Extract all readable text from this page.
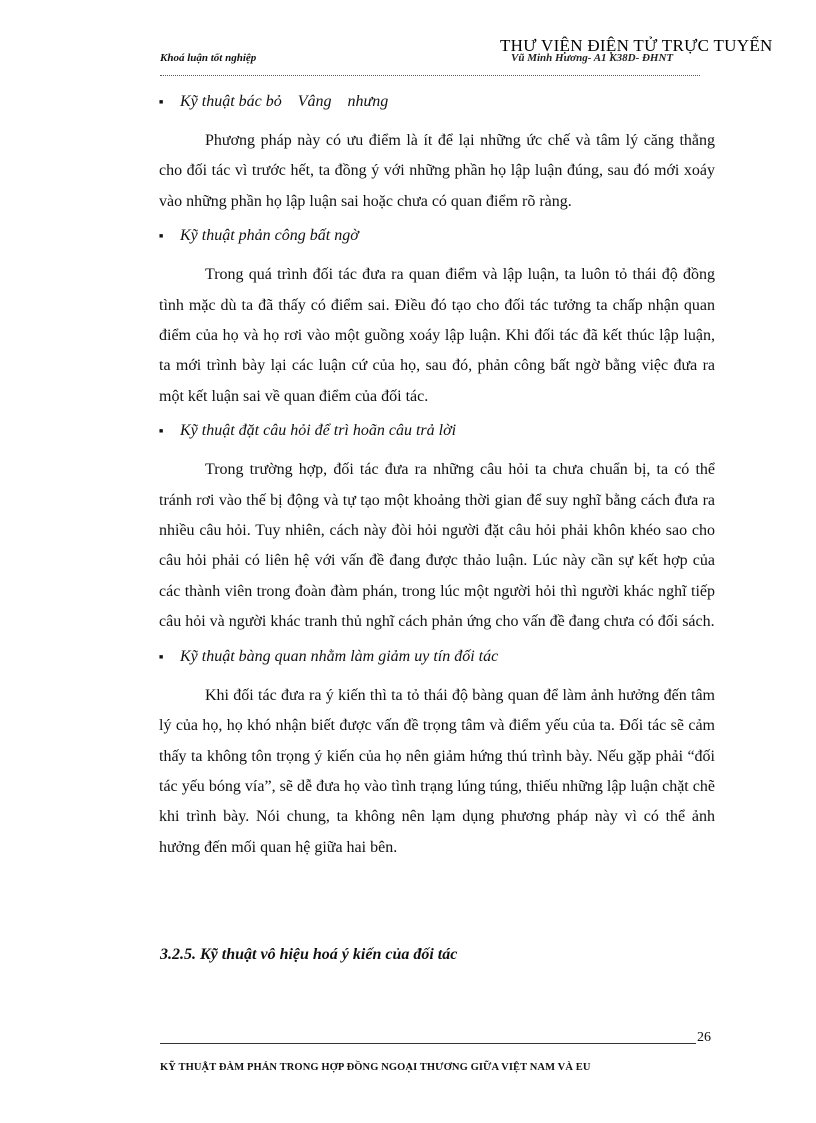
Khoá luận tốt nghiệp	Vũ Minh Hương- A1 K38D- ĐHNT
THƯ VIỆN ĐIỆN TỬ TRỰC TUYẾN
■	Kỹ thuật bác bỏ    Vâng    nhưng

Phương pháp này có ưu điểm là ít để lại những ức chế và tâm lý căng thẳng cho đối tác vì trước hết, ta đồng ý với những phần họ lập luận đúng, sau đó mới xoáy vào những phần họ lập luận sai hoặc chưa có quan điểm rõ ràng.

■	Kỹ thuật phản công bất ngờ

Trong quá trình đối tác đưa ra quan điểm và lập luận, ta luôn tỏ thái độ đồng tình mặc dù ta đã thấy có điểm sai. Điều đó tạo cho đối tác tưởng ta chấp nhận quan điểm của họ và họ rơi vào một guồng xoáy lập luận. Khi đối tác đã kết thúc lập luận, ta mới trình bày lại các luận cứ của họ, sau đó, phản công bất ngờ bằng việc đưa ra một kết luận sai về quan điểm của đối tác.

■	Kỹ thuật đặt câu hỏi để trì hoãn câu trả lời

Trong trường hợp, đối tác đưa ra những câu hỏi ta chưa chuẩn bị, ta có thể tránh rơi vào thế bị động và tự tạo một khoảng thời gian để suy nghĩ bằng cách đưa ra nhiều câu hỏi. Tuy nhiên, cách này đòi hỏi người đặt câu hỏi phải khôn khéo sao cho câu hỏi phải có liên hệ với vấn đề đang được thảo luận. Lúc này cần sự kết hợp của các thành viên trong đoàn đàm phán, trong lúc một người hỏi thì người khác nghĩ tiếp câu hỏi và người khác tranh thủ nghĩ cách phản ứng cho vấn đề đang chưa có đối sách.

■	Kỹ thuật bàng quan nhằm làm giảm uy tín đối tác

Khi đối tác đưa ra ý kiến thì ta tỏ thái độ bàng quan để làm ảnh hưởng đến tâm lý của họ, họ khó nhận biết được vấn đề trọng tâm và điểm yếu của ta. Đối tác sẽ cảm thấy ta không tôn trọng ý kiến của họ nên giảm hứng thú trình bày. Nếu gặp phải “đối tác yếu bóng vía”, sẽ dễ đưa họ vào tình trạng lúng túng, thiếu những lập luận chặt chẽ khi trình bày. Nói chung, ta không nên lạm dụng phương pháp này vì có thể ảnh hưởng đến mối quan hệ giữa hai bên.

3.2.5. Kỹ thuật vô hiệu hoá ý kiến của đối tác
26
KỸ THUẬT ĐÀM PHÁN TRONG HỢP ĐỒNG NGOẠI THƯƠNG GIỮA VIỆT NAM VÀ EU
